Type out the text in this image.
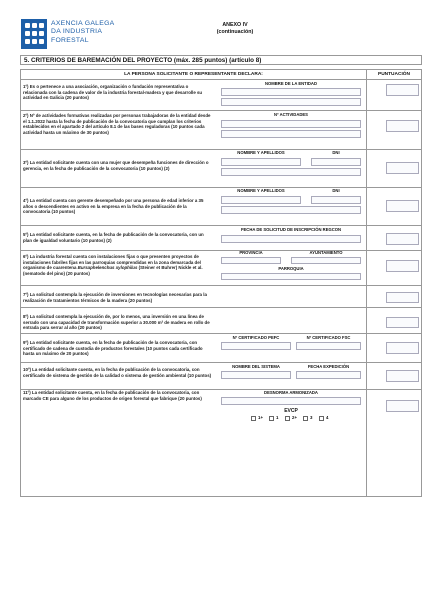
AXENCIA GALEGA
DA INDUSTRIA
FORESTAL
ANEXO IV
(continuación)
5. CRITERIOS DE BAREMACIÓN DEL PROYECTO (máx. 285 puntos) (artículo 8)
LA PERSONA SOLICITANTE O REPRESENTANTE DECLARA:	PUNTUACIÓN
1º) Es o pertenece a una asociación, organización o fundación representativa o relacionada con la cadena de valor de la industria forestal-madera y que desarrolle su actividad en Galicia (20 puntos)
NOMBRE DE LA ENTIDAD
2º) Nº de actividades formativas realizadas por personas trabajadoras de la entidad desde el 1.1.2022 hasta la fecha de publicación de la convocatoria que cumplan los criterios establecidos en el apartado 2 del artículo 8.1 de las bases reguladoras (10 puntos cada actividad hasta un máximo de 30 puntos)
Nº ACTIVIDADES
3º) La entidad solicitante cuenta con una mujer que desempeña funciones de dirección o gerencia, en la fecha de publicación de la convocatoria (10 puntos) (2)
NOMBRE Y APELLIDOS	DNI
4º) La entidad cuenta con gerente desempeñado por una persona de edad inferior a 35 años o descendientes en activo en la empresa en la fecha de publicación de la convocatoria (10 puntos)
NOMBRE Y APELLIDOS	DNI
5º) La entidad solicitante cuenta, en la fecha de publicación de la convocatoria, con un plan de igualdad voluntario (10 puntos) (2)
FECHA DE SOLICITUD DE INSCRIPCIÓN REGCON
6º) La industria forestal cuenta con instalaciones fijas o que presenten proyectos de instalaciones fabriles fijas en las parroquias comprendidas en la zona demarcada del organismo de cuarentena Bursaphelenchus xylophilus (Steiner et Buhrer) Nickle et al. (nematodo del pino) (20 puntos)
PROVINCIA	AYUNTAMIENTO
PARROQUIA
7º) La solicitud contempla la ejecución de inversiones en tecnologías necesarias para la realización de tratamientos térmicos de la madera (20 puntos)
8º) La solicitud contempla la ejecución de, por lo menos, una inversión en una línea de serrado con una capacidad de transformación superior a 30.000 m³ de madera en rollo de entrada para serrar al año (20 puntos)
9º) La entidad solicitante cuenta, en la fecha de publicación de la convocatoria, con certificado de cadena de custodia de productos forestales (10 puntos cada certificado hasta un máximo de 20 puntos)
Nº CERTIFICADO PEFC	Nº CERTIFICADO FSC
10º) La entidad solicitante cuenta, en la fecha de publicación de la convocatoria, con certificado de sistema de gestión de la calidad o sistema de gestión ambiental (10 puntos)
NOMBRE DEL SISTEMA	FECHA EXPEDICIÓN
11º) La entidad solicitante cuenta, en la fecha de publicación de la convocatoria, con marcado CE para alguno de los productos de origen forestal que fabrique (20 puntos)
DESNORMA ARMONIZADA
EVCP
1+	1	2+	3	4
